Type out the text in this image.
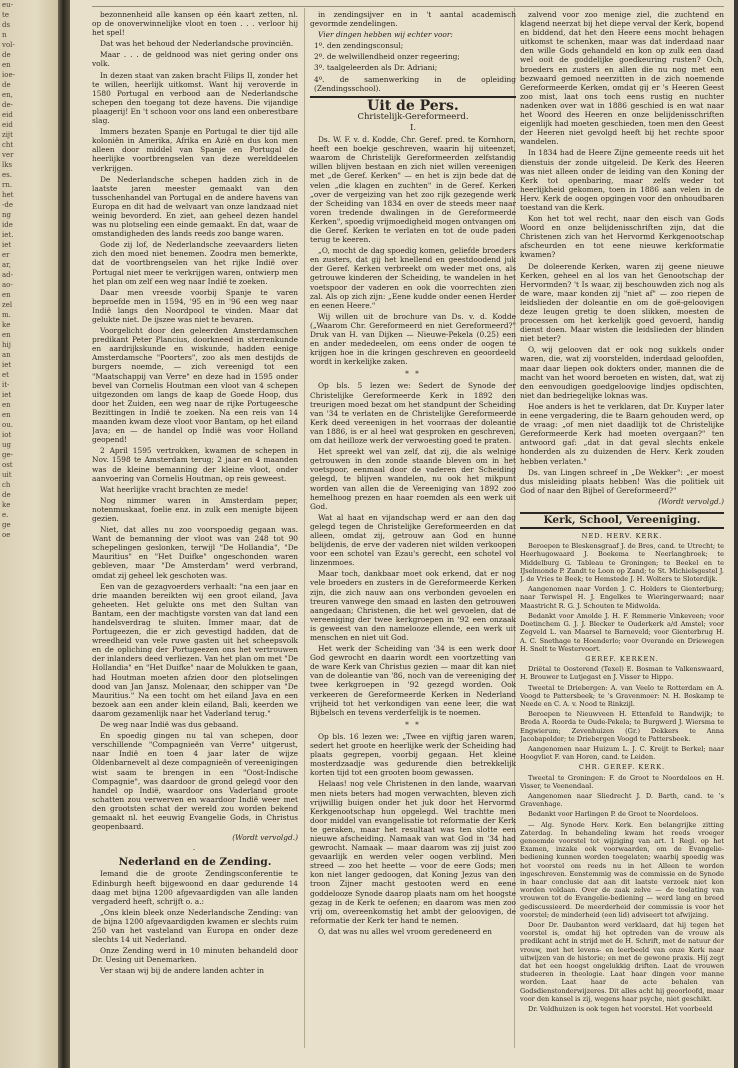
eu-
te
ds
n
vol-
de
en
ioe-
de
en,
de-
eid
eid
zijt
cht
ver
lks
es.
rn.
het
-de
ng
ide
iet.
iet
er
ar,
ad-
ao-
en
zel
m.
ke
en
hij
an
iet
et
it-
iet
en
en
ou.
iot
ug
ge-
ost
uit
ch
de
ke
e.
ge
oe

bezonnenheid alle kansen op één kaart zetten, nl. op de onoverwinnelijke vloot en toen . . . verloor hij het spel!

Dat was het behoud der Nederlandsche provinciën.

Maar . . . de geldnood was niet gering onder ons volk.

In dezen staat van zaken bracht Filips II, zonder het te willen, heerlijk uitkomst. Want hij veroverde in 1580 Portugal en verbood aan de Nederlandsche schepen den toegang tot deze havens. Die vijandige plaagerij! En 't schoon voor ons land een onberestbare slag.

Immers bezaten Spanje en Portugal te dier tijd alle koloniën in Amerika, Afrika en Azië en dus kon men alleen door middel van Spanje en Portugal de heerlijke voortbrengselen van deze werelddeelen verkrijgen.

De Nederlandsche schepen hadden zich in de laatste jaren meester gemaakt van den tusschenhandel van Portugal en de andere havens van Europa en dit had de welvaart van onze landzaad niet weinig bevorderd. En ziet, aan geheel dezen handel was nu plotseling een einde gemaakt. En dat, waar de omstandigheden des lands reeds zoo bange waren.

Gode zij lof, de Nederlandsche zeevaarders lieten zich den moed niet benemen. Zoodra men bemerkte, dat de voortbrengselen van het rijke Indië over Portugal niet meer te verkrijgen waren, ontwierp men het plan om zelf een weg naar Indië te zoeken.

Daar men vreesde voorbij Spanje te varen beproefde men in 1594, '95 en in '96 een weg naar Indië langs den Noordpool te vinden. Maar dat gelukte niet. De ijszee was niet te bevaren.

Voorgelicht door den geleerden Amsterdamschen predikant Peter Plancius, doorkneed in sterrenkunde en aardrijkskunde en wiskunde, hadden eenige Amsterdamsche "Poorters", zoo als men destijds de burgers noemde, — zich vereenigd tot een "Maatschappij van Verre" en deze had in 1595 onder bevel van Cornelis Houtman een vloot van 4 schepen uitgezonden om langs de kaap de Goede Hoop, dus door het Zuiden, een weg naar de rijke Portugeesche Bezittingen in Indië te zoeken. Na een reis van 14 maanden kwam deze vloot voor Bantam, op het eiland Java; en — de handel op Indië was voor Holland geopend!

2 April 1595 vertrokken, kwamen de schepen in Nov. 1598 te Amsterdam terug; 2 jaar en 4 maanden was de kleine bemanning der kleine vloot, onder aanvoering van Cornelis Houtman, op reis geweest.

Wat heerlijke vracht brachten ze mede!

Nog nimmer waren in Amsterdam peper, notenmuskaat, foelie enz. in zulk een menigte bijeen gezien.

Niet, dat alles nu zoo voorspoedig gegaan was. Want de bemanning der vloot was van 248 tot 90 schepelingen geslonken, terwijl "De Hollandia", "De Mauritius" en "Het Duifke" ongeschonden waren gebleven, maar "De Amsterdam" werd verbrand, omdat zij geheel lek geschoten was.

Een van de gezagvoerders verhaalt: "na een jaar en drie maanden bereikten wij een groot eiland, Java geheeten. Het gelukte ons met den Sultan van Bantam, een der machtigste vorsten van dat land een handelsverdrag te sluiten. Immer maar, dat de Portugeezen, die er zich gevestigd hadden, dat de wreedheid van vele ruwe gasten uit het scheepsvolk en de opliching der Portugeezen ons het vertrouwen der inlanders deed verliezen. Van het plan om met "De Hollandia" en "Het Duifke" naar de Molukken te gaan, had Houtman moeten afzien door den plotselingen dood van Jan Jansz. Molenaar, den schipper van "De Mauritius." Na een tocht om het eiland Java en een bezoek aan een ander klein eiland, Bali, keerden we daarom gezamenlijk naar het Vaderland terug."

De weg naar Indië was dus gebaand.

En spoedig gingen nu tal van schepen, door verschillende "Compagnieën van Verre" uitgerust, naar Indië en toen 4 jaar later de wijze Oldenbarnevelt al deze compagnieën of vereenigingen wist saam te brengen in een "Oost-Indische Compagnie", was daardoor de grond gelegd voor den handel op Indië, waardoor ons Vaderland groote schatten zou verwerven en waardoor Indië weer met den grootsten schat der wereld zou worden bekend gemaakt nl. het eeuwig Evangelie Gods, in Christus geopenbaard.

(Wordt vervolgd.)
·
Nederland en de Zending.

Iemand die de groote Zendingsconferentie te Edinburgh heeft bijgewoond en daar gedurende 14 daag met bijna 1200 afgevaardigden van alle landen vergaderd heeft, schrijft o. a.:

„Ons klein bleek onze Nederlandsche Zending: van de bijna 1200 afgevaardigden kwamen er slechts ruim 250 van het vasteland van Europa en onder deze slechts 14 uit Nederland.

Onze Zending werd in 10 minuten behandeld door Dr. Uesing uit Denemarken.

Ver staan wij bij de andere landen achter in

in zendingsijver en in 't aantal academisch gevormde zendelingen.

Vier dingen hebben wij echter voor:

1º. den zendingsconsul;

2º. de welwillendheid onzer regeering;

3º. taalgeleerden als Dr. Adriani;

4º. de samenwerking in de opleiding (Zendingsschool).

Uit de Pers.
Christelijk-Gereformeerd.
I.

Ds. W. F. v. d. Kodde, Chr. Geref. pred. te Kornhorn, heeft een boekje geschreven, waarin hij uiteenzet, waarom de Christelijk Gereformeerden zelfstandig willen blijven bestaan en zich niet willen vereenigen met „de Geref. Kerken" — en het is zijn bede dat de velen „die klagen en zuchten" in de Geref. Kerken „over de vergeizing van het zoo rijk gezegende werk der Scheiding van 1834 en over de steeds meer naar voren tredende dwalingen in de Gereformeerde Kerken", spoedig vrijmoedigheid mogen ontvangen om die Geref. Kerken te verlaten en tot de oude paden terug te keeren.

„O, mocht de dag spoedig komen, geliefde broeders en zusters, dat gij het knellend en geestdoodend juk der Geref. Kerken verbreekt om weder met ons, als getrouwe kinderen der Scheiding, te wandelen in het voetspoor der vaderen en ook die voorrechten zien zal. Als op zich zijn: „Eene kudde onder eenen Herder en eenen Heere."

Wij willen uit de brochure van Ds. v. d. Kodde („Waarom Chr. Gereformeerd en niet Gereformeerd?" Druk van H. van Dijken — Nieuwe-Pekela (0.25) een en ander mededeelen, om eens onder de oogen te krijgen hoe in die kringen geschreven en geoordeeld wordt in kerkelijke zaken.

* *

Op bls. 5 lezen we: Sedert de Synode der Christelijke Gereformeerde Kerk in 1892 den treurigen moed bezat om het standpunt der Scheiding van '34 te verlaten en de Christelijke Gereformeerde Kerk deed vereenigen in het voorraas der doleantie van 1886, is er al heel wat gesproken en geschreven, om dat heilloze werk der verwoesting goed te praten.

Het spreekt wel van zelf, dat zij, die als welnige getrouwen in den zonde staande bleven om in het voetspoor, eenmaal door de vaderen der Scheiding gelegd, te blijven wandelen, nu ook het mikpunt worden van allen die de Vereeniging van 1892 zoo hemelhoog prezen en haar roemden als een werk uit God.

Wat al haat en vijandschap werd er aan den dag gelegd tegen de Christelijke Gereformeerden en dat alleen, omdat zij, getrouw aan God en hunne belijdenis, de erve der vaderen niet wilden verkoopen voor een schotel van Ezau's gerecht, een schotel vol linzenmoes.

Maar toch, dankbaar moet ook erkend, dat er nog vele broeders en zusters in de Gereformeerde Kerken zijn, die zich nauw aan ons verbonden gevoelen en treuren vanwege den smaad en lasten den getrouwen aangedaan; Christenen, die het wel gevoelen, dat de vereeniging der twee kerkgroepen in '92 een onzaak is geweest van den namelooze ellende, een werk uit menschen en niet uit God.

Het werk der Scheiding van '34 is een werk door God gewrocht en daarin wordt een voortzetting van de ware Kerk van Christus gezien — maar dit kan niet van de doleantie van '86, noch van de vereeniging der twee kerkgroepen in '92 gezegd worden. Ook verkeeren de Gereformeerde Kerken in Nederland vrijheid tot het verkondigen van eene leer, die wat Bijbelsch en tevens verderfelijk is te noemen.

* *

Op bls. 16 lezen we: „Twee en vijftig jaren waren, sedert het groote en heerlijke werk der Scheiding had plaats gegrepen, voorbij gegaan. Het kleine mosterdzaadje was gedurende dien betrekkelijk korten tijd tot een grooten boom gewassen.

Helaas! nog vele Christenen in den lande, waarvan men niets beters had mogen verwachten, bleven zich vrijwillig buigen onder het juk door het Hervormd Kerkgenootschap hun opgelegd. Wel trachtte men door middel van evangelisatie tot reformatie der Kerk te geraken, maar het resultaat was ten slotte een nieuwe afscheiding. Namaak van wat God in '34 had gewrocht. Namaak — maar daarom was zij juist zoo gevaarlijk en werden veler oogen verblind. Men streed — zoo het heette — voor de eere Gods; men kon niet langer gedoogen, dat Koning Jezus van den troon Zijner macht gestooten werd en eene goddelooze Synode daarop plaats nam om het hoogste gezag in de Kerk te oefenen; en daarom was men zoo vrij om, overeenkomstig het ambt der geloovigen, de reformatie der Kerk ter hand te nemen.

O, dat was nu alles wel vroom geredeneerd en

zalvend voor zoo menige ziel, die zuchtend en klagend neerzat bij het diepe verval der Kerk, bopend en biddend, dat het den Heere eens mocht behagen uitkomst te schenken, maar was dat inderdaad naar den wille Gods gehandeld en kon op zulk een daad wel ooit de goddelijke goedkeuring rusten? Och, broeders en zusters en allen die nu nog met een bezwaard gemoed neerzitten in de zich noemende Gereformeerde Kerken, omdat gij er 's Heeren Geest zoo mist, laat ons toch eens rustig en nuchter nadenken over wat in 1886 geschied is en wat naar het Woord des Heeren en onze belijdenisschriften eigenlijk had moeten geschieden, toen men den Geest der Heeren niet gevolgd heeft bij het rechte spoor wandelen.

In 1834 had de Heere Zijne gemeente reeds uit het dienstuis der zonde uitgeleid. De Kerk des Heeren was niet alleen onder de leiding van den Koning der Kerk tot openbaring, maar zelfs weder tot heerlijkheid gekomen, toen in 1886 aan velen in de Herv. Kerk de oogen opgingen voor den onhoudbaren toestand van die Kerk.

Kon het tot wel recht, naar den eisch van Gods Woord en onze belijdenisschriften zijn, dat die Christenen zich van het Hervormd Kerkgenootschap afscheurden en tot eene nieuwe kerkformatie kwamen?

De doleerende Kerken, waren zij geene nieuwe Kerken, geheel en al los van het Genootschap der Hervormden? 't Is waar, zij beschouwden zich nog als de ware, maar konden zij "niet af" — zoo riepen de leidslieden der doleantie en om de goë-geloovigen deze leugen gretig te doen slikken, moesten de processen om het kerkelijk goed gevoerd, handig dienst doen. Maar wisten die leidslieden der blinden niet beter?

O, wij gelooven dat er ook nog sukkels onder waren, die, wat zij voorstelden, inderdaad geloofden, maar daar liepen ook dokters onder, mannen die de macht van het woord beroeten en wisten, dat, wat zij den eenvoudigen goedgeloovige lindjes opdischten, niet dan bedriegelijke loknas was.

Hoe anders is het te verklaren, dat Dr. Kuyper later in eene vergadering, die te Baarn gehouden werd, op de vraag: „of men niet daadlijk tot de Christelijke Gereformeerde Kerk had moeten overgaan?" ten antwoord gaf: „dat in dat geval slechts enkele honderden als zu duizenden de Herv. Kerk zouden hebben verlaten."

Ds. van Lingen schreef in „De Wekker": „er moest dus misleiding plaats hebben! Was die politiek uit God of naar den Bijbel of Gereformeerd?"

(Wordt vervolgd.)
Kerk, School, Vereeniging.
NED. HERV. KERK.

Beroepen te Bleskensgraaf J. de Bres, cand. te Utrecht; te Heerhugowaard J. Boekema te Neerlangbroek; te Middelburg G. Tableau te Groningen; te Beekel en te IJselmonde P. Zandt te Loon op Zand; te St. Michielsgestel J. J. de Vries te Beek; te Hemstede J. H. Wolters te Sloterdijk.

Aangenomen naar Vorden J. C. Holders te Gienterburg; naar Terwispel H. J. Engelkes te Wieringerwaard; naar Maastricht R. G. J. Schouten te Midwolda.

Bedankt voor Amolde J. H. F. Remmerie Vinkeveen; voor Doetinchem G. J. J. Blecker te Ouderkerk a/d Amstel; voor Zegveld L. van Maarsel te Barneveld; voor Gienterbrug H. A. C. Snethage te Hoenderlo; voor Overande en Driewegen H. Snelt te Westervoort.

GEREF. KERKEN.

Driëtal te Oosterend (Texel) E. Bosman te Valkenswaard, H. Brouwer te Lutjegast en J. Visser te Hippo.

Tweetal te Driebergen: A. van Veelo te Rotterdam en A. Voogd te Pattersbeek; te 's Gravenmoer: N. H. Boskamp te Neede en C. A. v. Nood te Rinkzijl.

Beroepen te Nieuwveen H. Ettenfeld te Randwijk; te Breda A. Roorda te Oude-Pekela; te Burgwerd J. Wiersma te Engwierum; Zevenhuizen (Gr.) Dekkers te Anna Jacobapolder; te Driebergen Voogd te Pattersbeek.

Aangenomen naar Huizum L. J. C. Kreijt te Berkel; naar Hoogvliet F. van Horen, cand. te Leiden.

CHR. GEREF. KERK.

Tweetal te Groningen: F. de Groot te Noordeloos en H. Visser, te Veenendaal.

Aangenomen naar Sliedrecht J. D. Barth, cand. te 's Gravenhage.

Bedankt voor Harlingen P. de Groot te Noordeloos.

— Alg. Synode Herv. Kerk. Een belangrijke zitting Zaterdag. In behandeling kwam het reeds vroeger genoemde voorstel tot wijziging van art. 1 Regl. op het Examen, inzake ook voorwaarden, om de Evangelie-bediening kunnen worden toegelaten; waarbij spoedig was het voorstel om reeds nu in het Alleen te worden ingeschreven. Eenstemmig was de commissie en de Synode in haar conclusie dat aan dit laatste verzoek niet kon worden voldaan. Over de zaak zelve — de toelating van vrouwen tot de Evangelie-bediening — werd lang en breed gediscussieerd. De meerderheid der commissie is voor het voorstel; de minderheid (een lid) adviseert tot afwijzing.

Door Dr. Daubanton werd verklaard, dat hij tegen het voorstel is, omdat hij het optreden van de vrouw als predikant acht in strijd met de H. Schrift, met de natuur der vrouw, met het levens- en leerbeeld van onze Kerk naar uitwijzen van de historie; en met de gewone praxis. Hij zegt dat het een hoogst ongelukkig driften. Laat de vrouwen studeeren in theologie. Laat haar dingen voor manne worden. Laat haar de acte behalen van Godsdienstonderwijzeres. Dit alles acht hij geoorloofd, maar voor den kansel is zij, wegens haar psyche, niet geschikt.

Dr. Veldhuizen is ook tegen het voorstel. Het voorbeeld
